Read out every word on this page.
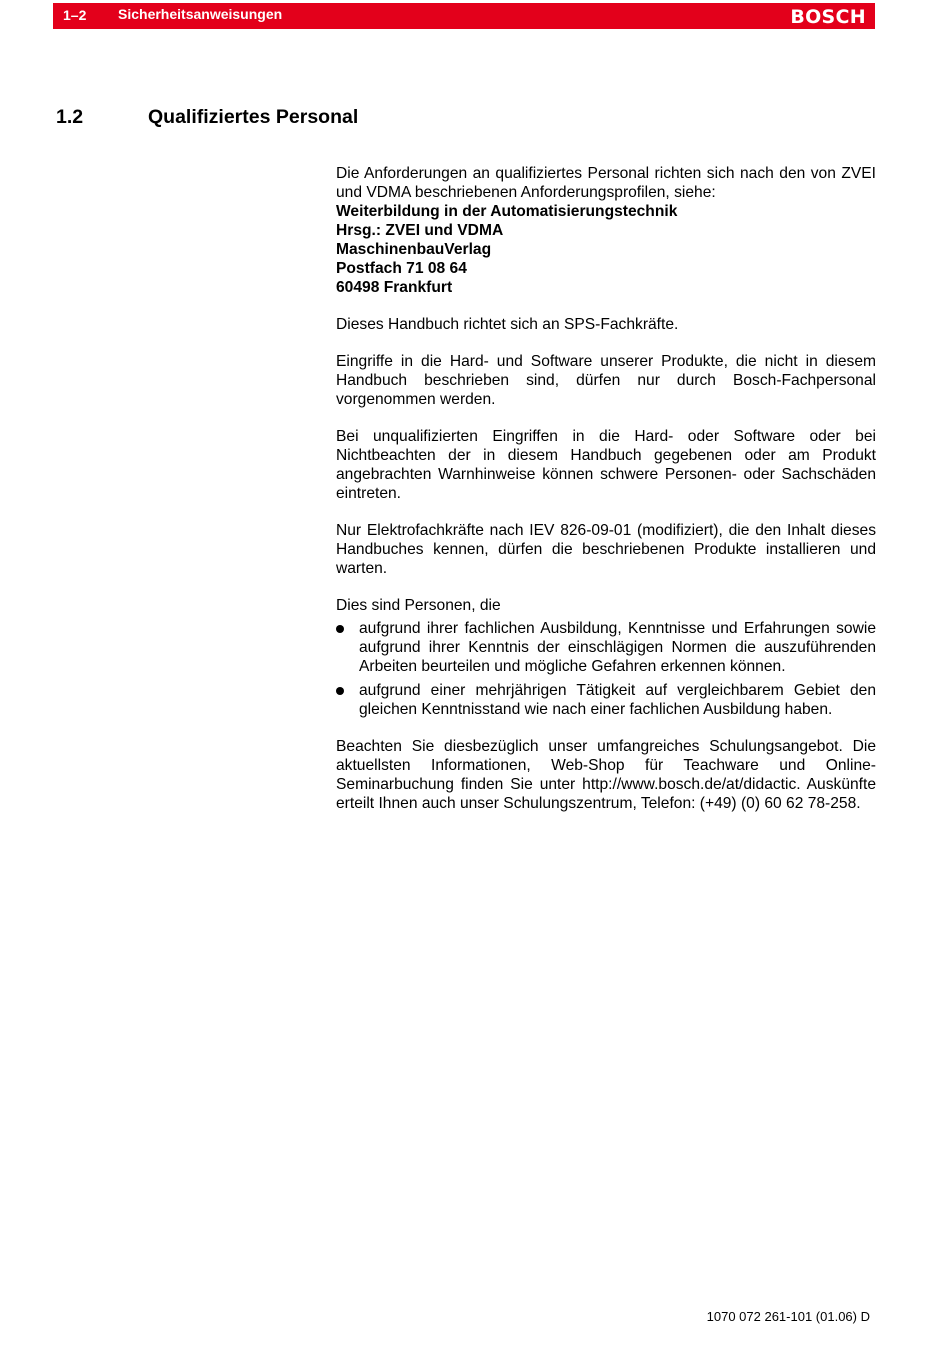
1–2 Sicherheitsanweisungen	BOSCH
1.2	Qualifiziertes Personal

Die Anforderungen an qualifiziertes Personal richten sich nach den von ZVEI und VDMA beschriebenen Anforderungsprofilen, siehe:
Weiterbildung in der Automatisierungstechnik
Hrsg.: ZVEI und VDMA
MaschinenbauVerlag
Postfach 71 08 64
60498 Frankfurt

Dieses Handbuch richtet sich an SPS-Fachkräfte.

Eingriffe in die Hard- und Software unserer Produkte, die nicht in diesem Handbuch beschrieben sind, dürfen nur durch Bosch-Fachpersonal vorgenommen werden.

Bei unqualifizierten Eingriffen in die Hard- oder Software oder bei Nichtbeachten der in diesem Handbuch gegebenen oder am Produkt angebrachten Warnhinweise können schwere Personen- oder Sachschäden eintreten.

Nur Elektrofachkräfte nach IEV 826-09-01 (modifiziert), die den Inhalt dieses Handbuches kennen, dürfen die beschriebenen Produkte installieren und warten.

Dies sind Personen, die

aufgrund ihrer fachlichen Ausbildung, Kenntnisse und Erfahrungen sowie aufgrund ihrer Kenntnis der einschlägigen Normen die auszuführenden Arbeiten beurteilen und mögliche Gefahren erkennen können.
aufgrund einer mehrjährigen Tätigkeit auf vergleichbarem Gebiet den gleichen Kenntnisstand wie nach einer fachlichen Ausbildung haben.

Beachten Sie diesbezüglich unser umfangreiches Schulungsangebot. Die aktuellsten Informationen, Web-Shop für Teachware und Online-Seminarbuchung finden Sie unter http://www.bosch.de/at/didactic. Auskünfte erteilt Ihnen auch unser Schulungszentrum, Telefon: (+49) (0) 60 62 78-258.

1070 072 261-101 (01.06) D
